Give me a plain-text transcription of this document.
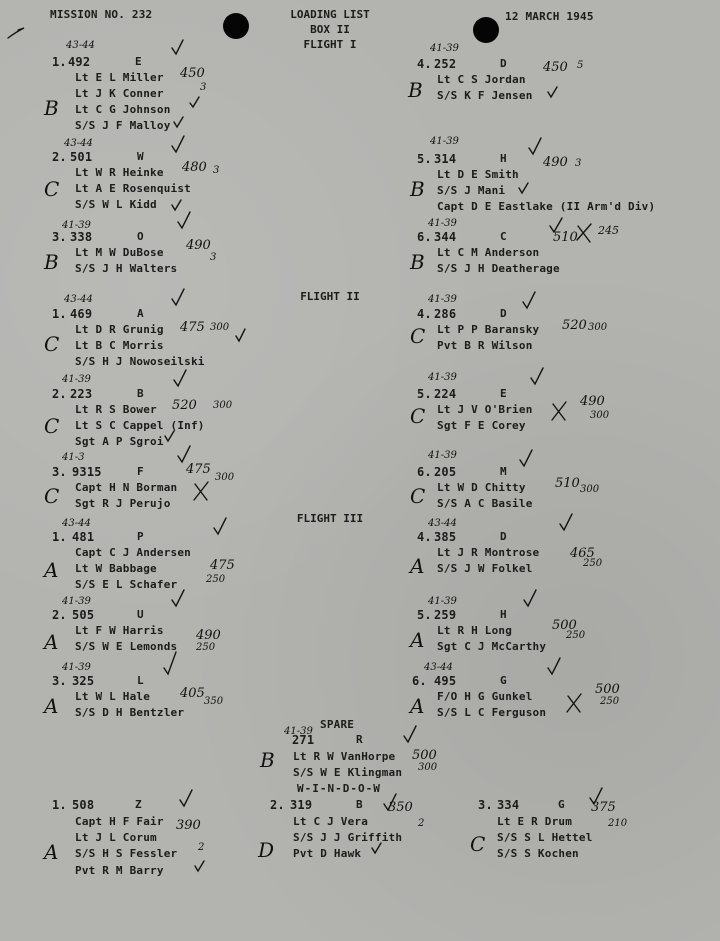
MISSION NO. 232	LOADING LIST
BOX II
FLIGHT I
12 MARCH 1945
FLIGHT II
FLIGHT III
1. 492	E
43-44
Lt E L Miller
Lt J K Conner
Lt C G Johnson
S/S J F Malloy
B
450
3
4. 252	D
41-39
Lt C S Jordan
S/S K F Jensen
B
450 5
2. 501	W
43-44
Lt W R Heinke
Lt A E Rosenquist
S/S W L Kidd
C
480 3
5. 314	H
41-39
Lt D E Smith
S/S J Mani
Capt D E Eastlake (II Arm'd Div)
B
490 3
3. 338	O
41-39
Lt M W DuBose
S/S J H Walters
B
490
3
6. 344	C
41-39
Lt C M Anderson
S/S J H Deatherage
B
510 245
1. 469	A
43-44
Lt D R Grunig
Lt B C Morris
S/S H J Nowoseilski
C
475 300
4. 286	D
41-39
Lt P P Baransky
Pvt B R Wilson
C	520 300
2. 223	B
41-39
Lt R S Bower
Lt S C Cappel (Inf)
Sgt A P Sgroi
C
520 300
5. 224	E
41-39
Lt J V O'Brien
Sgt F E Corey
C
490
300
3. 9315	F
41-3
Capt H N Borman
Sgt R J Perujo
C
475
300	6. 205	M
41-39
Lt W D Chitty
S/S A C Basile
C
510 300
1. 481	P
43-44
Capt C J Andersen
Lt W Babbage
S/S E L Schafer
A	475
250
4. 385	D
43-44
Lt J R Montrose
S/S J W Folkel
A
465
250
2. 505	U
41-39
Lt F W Harris
S/S W E Lemonds
A	490
250
5. 259	H
41-39
Lt R H Long
Sgt C J McCarthy
A
500
250
3. 325	L
41-39
Lt W L Hale
S/S D H Bentzler
A
405
350
6. 495	G
43-44
F/O H G Gunkel
S/S L C Ferguson
A
500
250
SPARE
41-39
271	R
Lt R W VanHorpe
S/S W E Klingman
B	500
300
W-I-N-D-O-W
1. 508	Z
Capt H F Fair
Lt J L Corum
S/S H S Fessler
Pvt R M Barry
A
390
2
2. 319	B
Lt C J Vera
S/S J J Griffith
Pvt D Hawk
D
350
2
3. 334	G
Lt E R Drum
S/S S L Hettel
S/S S Kochen
C
375
210
